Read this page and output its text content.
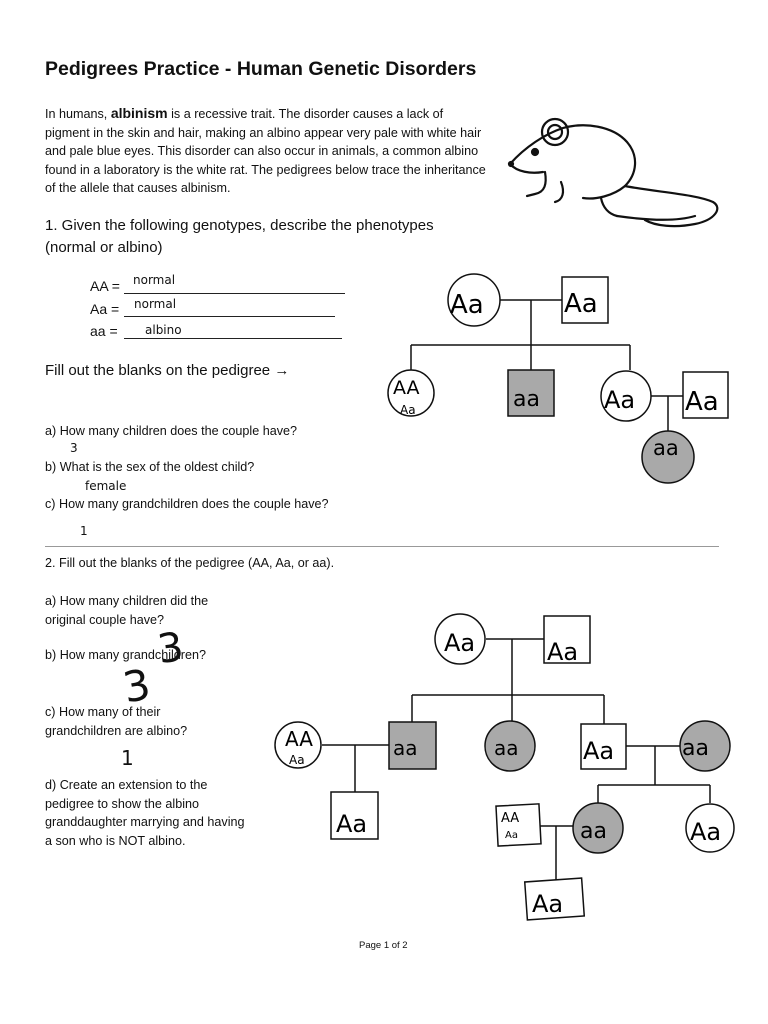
Pedigrees Practice - Human Genetic Disorders
In humans, albinism is a recessive trait. The disorder causes a lack of pigment in the skin and hair, making an albino appear very pale with white hair and pale blue eyes. This disorder can also occur in animals, a common albino found in a laboratory is the white rat. The pedigrees below trace the inheritance of the allele that causes albinism.
1. Given the following genotypes, describe the phenotypes (normal or albino)
AA = normal
Aa = normal
aa = albino
Fill out the blanks on the pedigree →
a) How many children does the couple have?
3
b) What is the sex of the oldest child?
female
c) How many grandchildren does the couple have?
1
Aa	Aa
AA
Aa	aa	Aa Aa
aa
2. Fill out the blanks of the pedigree (AA, Aa, or aa).
a) How many children did the original couple have?
b) How many grandchildren?
c) How many of their grandchildren are albino?
d) Create an extension to the pedigree to show the albino granddaughter marrying and having a son who is NOT albino.
3
3
1
Aa	Aa
AA
Aa	aa	aa	Aa	aa
Aa	AA
Aa	aa	Aa
Aa
Page 1 of 2
